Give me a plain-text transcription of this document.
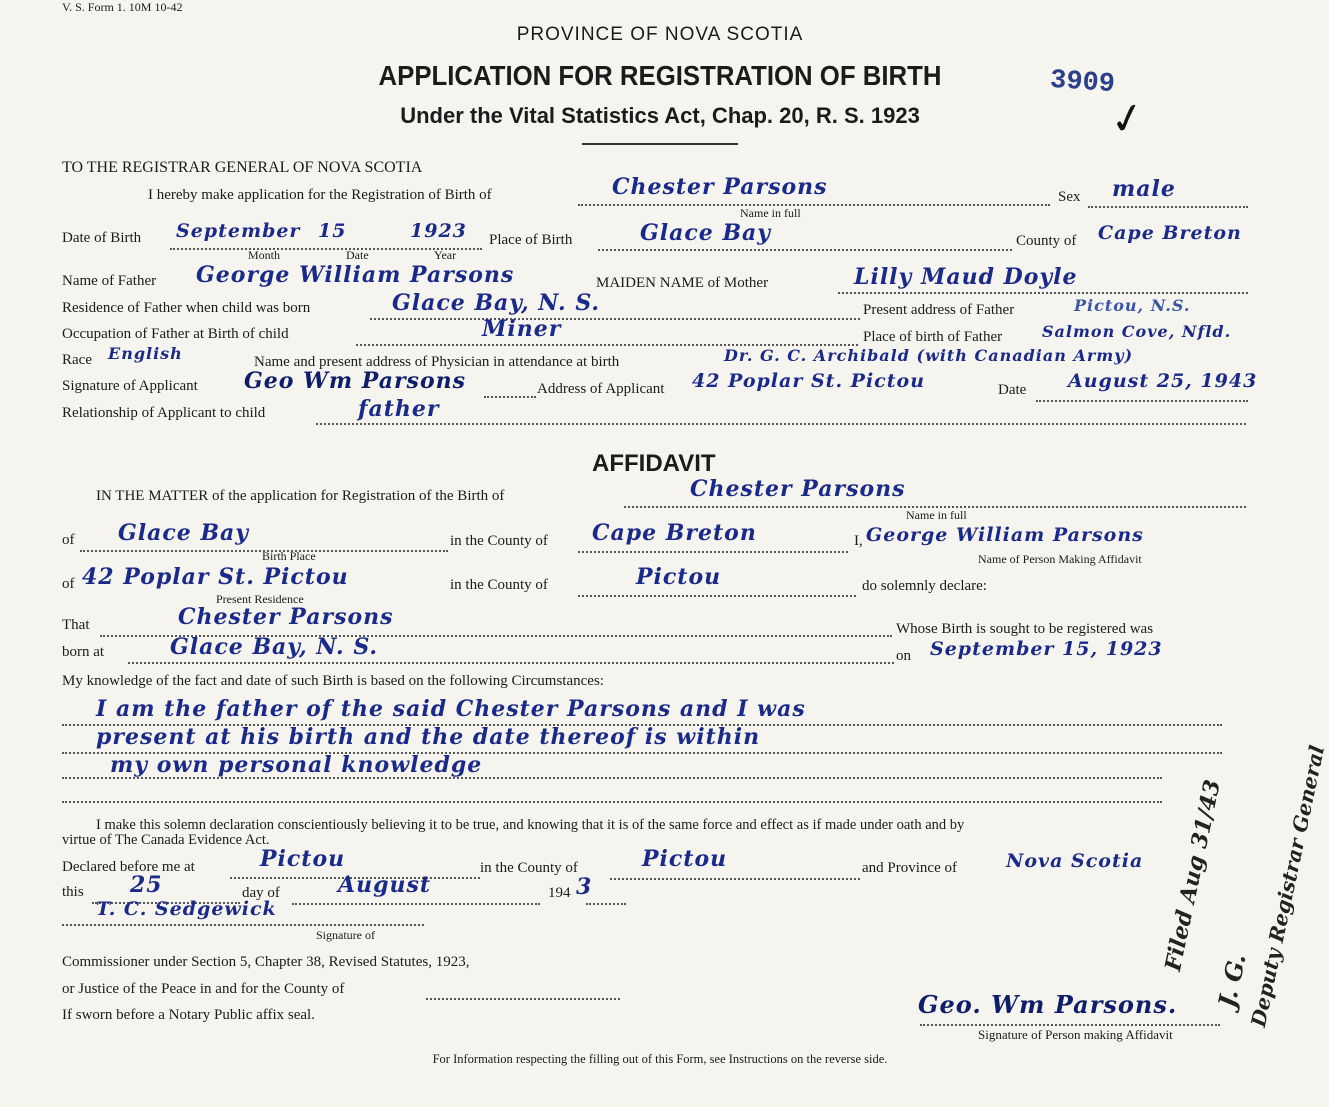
V. S. Form 1. 10M 10-42
PROVINCE OF NOVA SCOTIA
APPLICATION FOR REGISTRATION OF BIRTH
Under the Vital Statistics Act, Chap. 20, R. S. 1923
3909
✓
TO THE REGISTRAR GENERAL OF NOVA SCOTIA
I hereby make application for the Registration of Birth of	Chester Parsons
Name in full
Sex male
Date of Birth September 15	1923
Month	Date	Year
Place of Birth	Glace Bay	County of Cape Breton
Name of Father George William Parsons	MAIDEN NAME of Mother	Lilly Maud Doyle
Residence of Father when child was born	Glace Bay, N. S.	Present address of Father	Pictou, N.S.
Occupation of Father at Birth of child	Miner	Place of birth of Father Salmon Cove, Nfld.
Race English	Name and present address of Physician in attendance at birth	Dr. G. C. Archibald (with Canadian Army)
Signature of Applicant Geo Wm Parsons	Address of Applicant 42 Poplar St. Pictou	Date August 25, 1943
Relationship of Applicant to child	father
AFFIDAVIT
IN THE MATTER of the application for Registration of the Birth of	Chester Parsons
Name in full
of Glace Bay
Birth Place
in the County of Cape Breton	I, George William Parsons
Name of Person Making Affidavit
of 42 Poplar St. Pictou
Present Residence
in the County of	Pictou	do solemnly declare:
That	Chester Parsons	Whose Birth is sought to be registered was
born at	Glace Bay, N. S.	on September 15, 1923
My knowledge of the fact and date of such Birth is based on the following Circumstances:
I am the father of the said Chester Parsons and I was
present at his birth and the date thereof is within
my own personal knowledge
I make this solemn declaration conscientiously believing it to be true, and knowing that it is of the same force and effect as if made under oath and by
virtue of The Canada Evidence Act.
Declared before me at	Pictou	in the County of	Pictou	and Province of	Nova Scotia
this 25	day of	August	194 3
T. C. Sedgewick
Signature of
Commissioner under Section 5, Chapter 38, Revised Statutes, 1923,
or Justice of the Peace in and for the County of
If sworn before a Notary Public affix seal.	Geo. Wm Parsons.
Signature of Person making Affidavit
Filed Aug 31/43
J. G.
Deputy Registrar General
For Information respecting the filling out of this Form, see Instructions on the reverse side.
